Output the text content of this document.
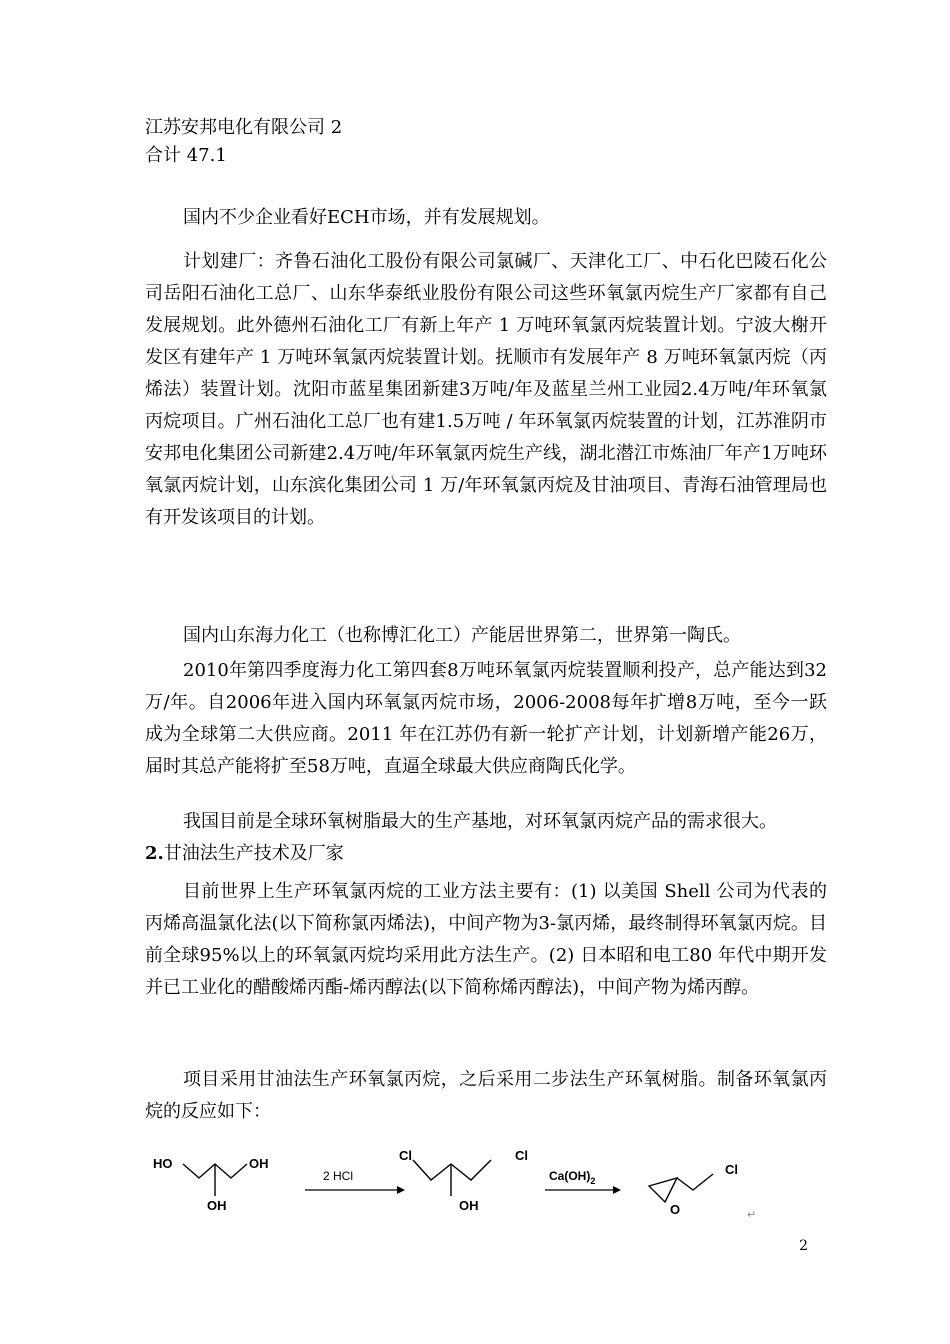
江苏安邦电化有限公司 2
合计 47.1
国内不少企业看好ECH市场，并有发展规划。
计划建厂：齐鲁石油化工股份有限公司氯碱厂、天津化工厂、中石化巴陵石化公司岳阳石油化工总厂、山东华泰纸业股份有限公司这些环氧氯丙烷生产厂家都有自己发展规划。此外德州石油化工厂有新上年产 1 万吨环氧氯丙烷装置计划。宁波大榭开发区有建年产 1 万吨环氧氯丙烷装置计划。抚顺市有发展年产 8 万吨环氧氯丙烷（丙烯法）装置计划。沈阳市蓝星集团新建3万吨/年及蓝星兰州工业园2.4万吨/年环氧氯丙烷项目。广州石油化工总厂也有建1.5万吨 / 年环氧氯丙烷装置的计划，江苏淮阴市安邦电化集团公司新建2.4万吨/年环氧氯丙烷生产线，湖北潜江市炼油厂年产1万吨环氧氯丙烷计划，山东滨化集团公司 1 万/年环氧氯丙烷及甘油项目、青海石油管理局也有开发该项目的计划。
国内山东海力化工（也称博汇化工）产能居世界第二，世界第一陶氏。
2010年第四季度海力化工第四套8万吨环氧氯丙烷装置顺利投产，总产能达到32万/年。自2006年进入国内环氧氯丙烷市场，2006-2008每年扩增8万吨，至今一跃成为全球第二大供应商。2011 年在江苏仍有新一轮扩产计划，计划新增产能26万，届时其总产能将扩至58万吨，直逼全球最大供应商陶氏化学。
我国目前是全球环氧树脂最大的生产基地，对环氧氯丙烷产品的需求很大。
2.甘油法生产技术及厂家
目前世界上生产环氧氯丙烷的工业方法主要有：(1) 以美国 Shell 公司为代表的丙烯高温氯化法(以下简称氯丙烯法)，中间产物为3-氯丙烯，最终制得环氧氯丙烷。目前全球95%以上的环氧氯丙烷均采用此方法生产。(2) 日本昭和电工80 年代中期开发并已工业化的醋酸烯丙酯-烯丙醇法(以下简称烯丙醇法)，中间产物为烯丙醇。
项目采用甘油法生产环氧氯丙烷，之后采用二步法生产环氧树脂。制备环氧氯丙烷的反应如下：
HO	OH
OH
2 HCl
Cl	Cl
OH
$Ca(OH)_2$
Cl
O	↵
2
